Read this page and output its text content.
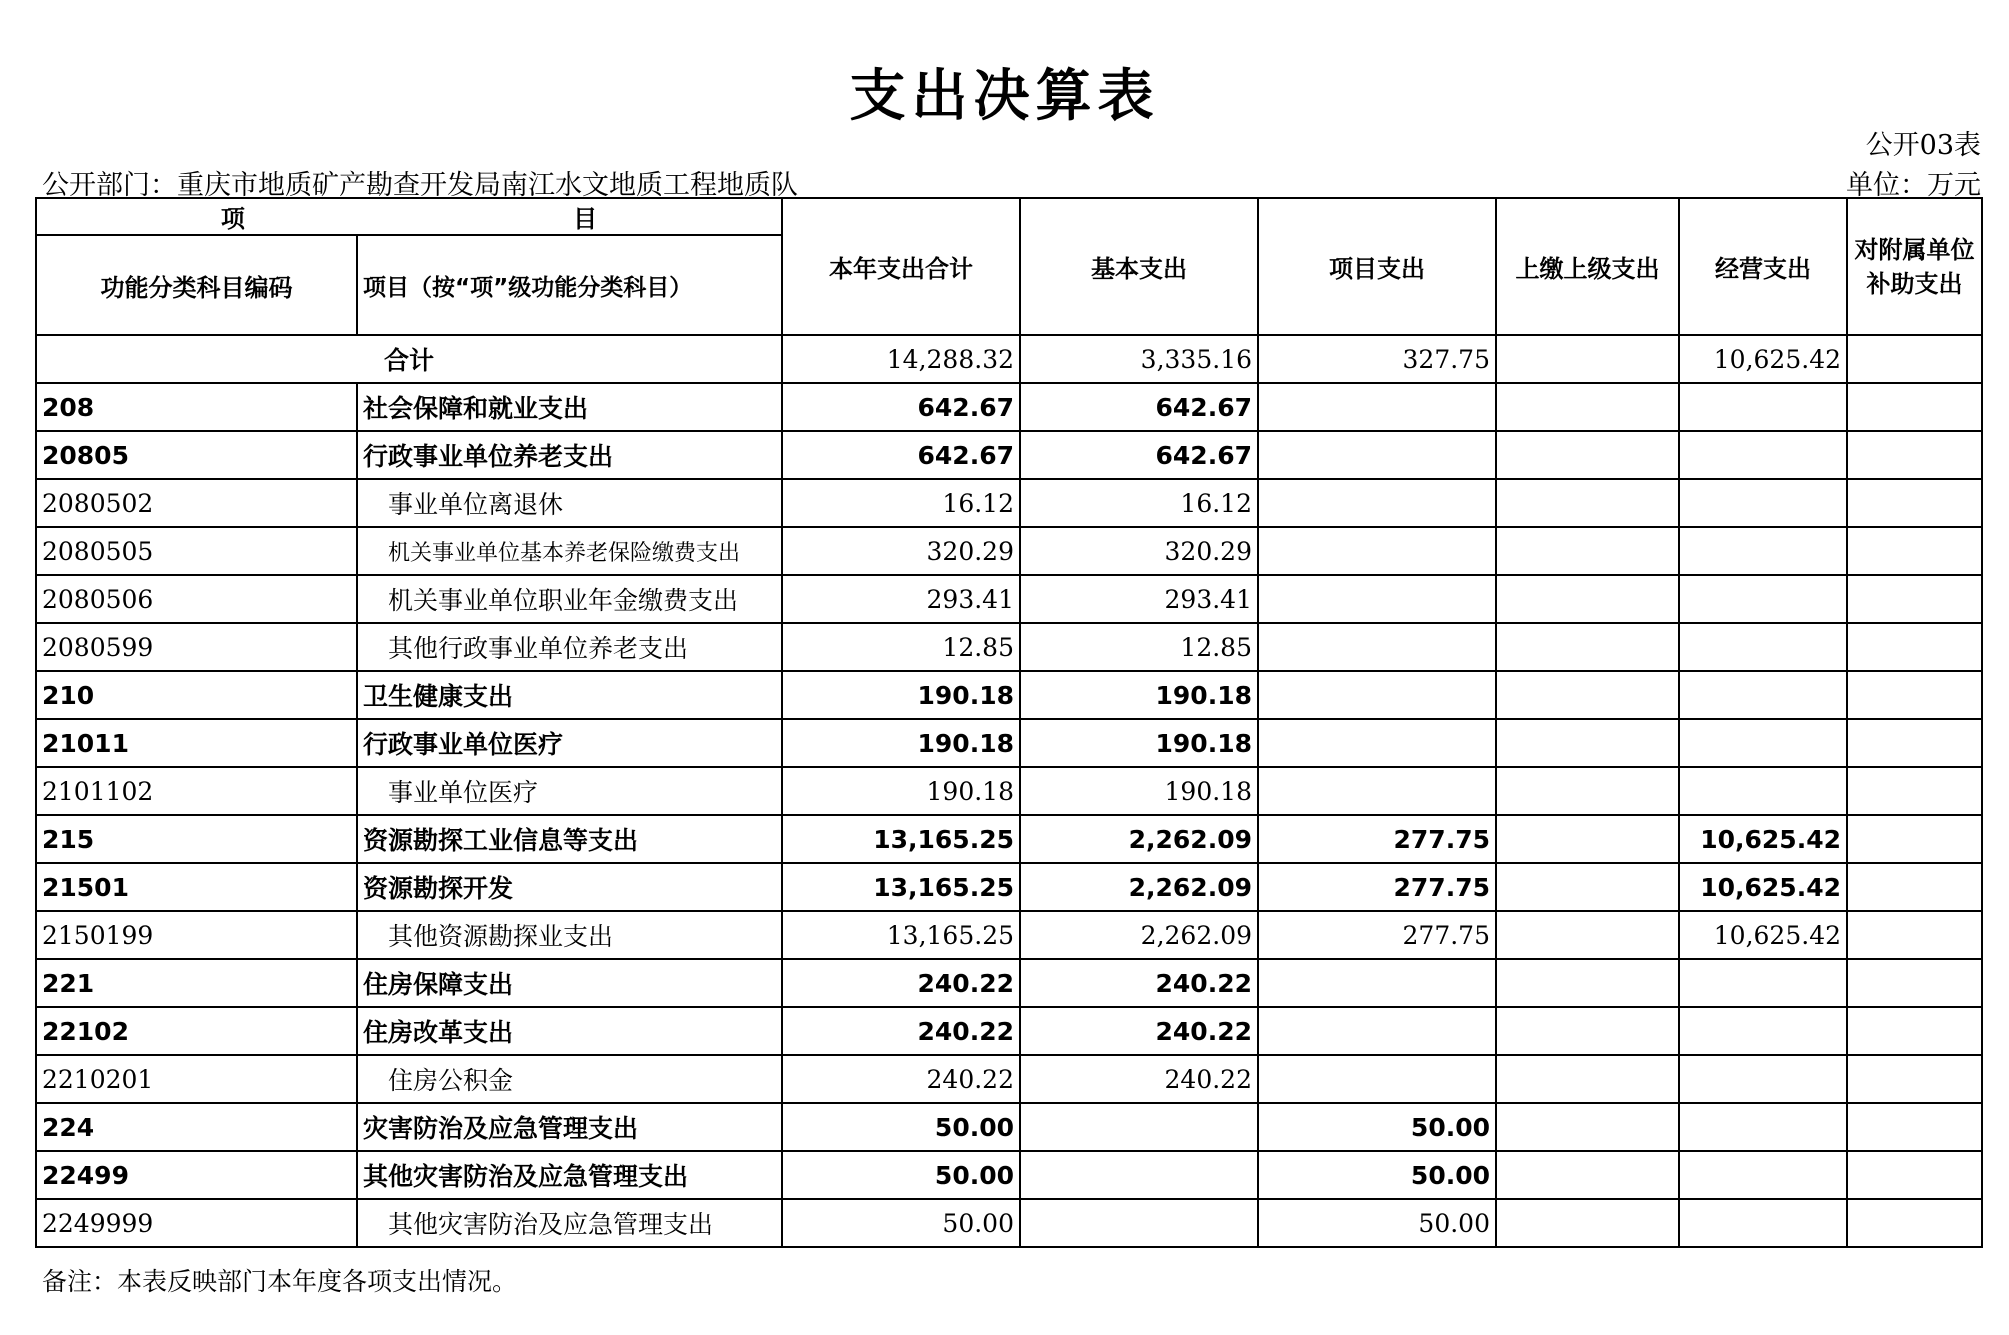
支出决算表
公开03表
公开部门：重庆市地质矿产勘查开发局南江水文地质工程地质队	单位：万元
项 目		本年支出合计	基本支出	项目支出	上缴上级支出	经营支出	对附属单位补助支出
功能分类科目编码	项目（按“项”级功能分类科目）						
合计		14,288.32	3,335.16	327.75		10,625.42	
208	社会保障和就业支出	642.67	642.67				
20805	行政事业单位养老支出	642.67	642.67				
2080502	事业单位离退休	16.12	16.12				
2080505	机关事业单位基本养老保险缴费支出	320.29	320.29				
2080506	机关事业单位职业年金缴费支出	293.41	293.41				
2080599	其他行政事业单位养老支出	12.85	12.85				
210	卫生健康支出	190.18	190.18				
21011	行政事业单位医疗	190.18	190.18				
2101102	事业单位医疗	190.18	190.18				
215	资源勘探工业信息等支出	13,165.25	2,262.09	277.75		10,625.42	
21501	资源勘探开发	13,165.25	2,262.09	277.75		10,625.42	
2150199	其他资源勘探业支出	13,165.25	2,262.09	277.75		10,625.42	
221	住房保障支出	240.22	240.22				
22102	住房改革支出	240.22	240.22				
2210201	住房公积金	240.22	240.22				
224	灾害防治及应急管理支出	50.00		50.00			
22499	其他灾害防治及应急管理支出	50.00		50.00			
2249999	其他灾害防治及应急管理支出	50.00		50.00			
备注：本表反映部门本年度各项支出情况。
